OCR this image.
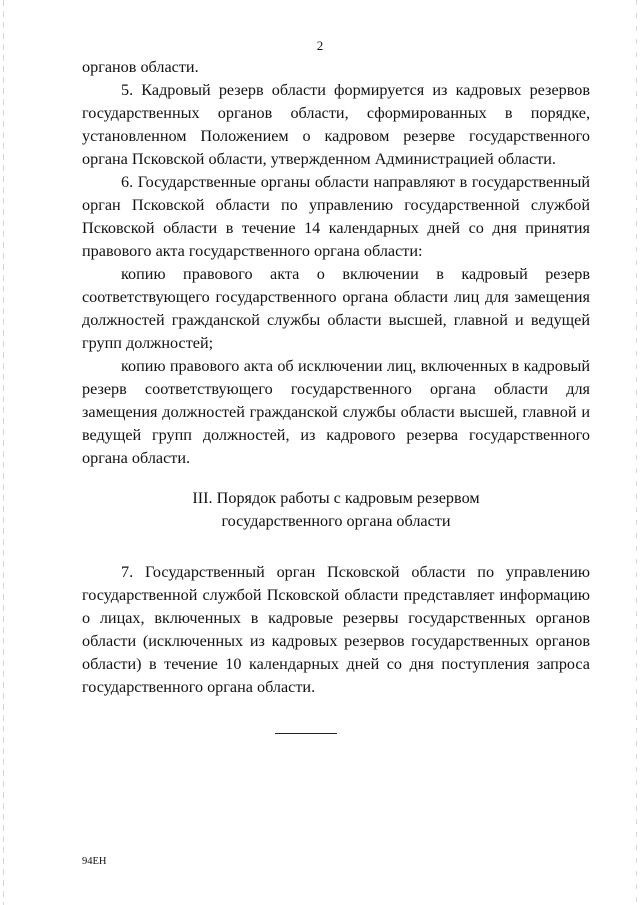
2

органов области.

5. Кадровый резерв области формируется из кадровых резервов государственных органов области, сформированных в порядке, установленном Положением о кадровом резерве государственного органа Псковской области, утвержденном Администрацией области.

6. Государственные органы области направляют в государственный орган Псковской области по управлению государственной службой Псковской области в течение 14 календарных дней со дня принятия правового акта государственного органа области:

копию правового акта о включении в кадровый резерв соответствующего государственного органа области лиц для замещения должностей гражданской службы области высшей, главной и ведущей групп должностей;

копию правового акта об исключении лиц, включенных в кадровый резерв соответствующего государственного органа области для замещения должностей гражданской службы области высшей, главной и ведущей групп должностей, из кадрового резерва государственного органа области.

III. Порядок работы с кадровым резервом
государственного органа области

7. Государственный орган Псковской области по управлению государственной службой Псковской области представляет информацию о лицах, включенных в кадровые резервы государственных органов области (исключенных из кадровых резервов государственных органов области) в течение 10 календарных дней со дня поступления запроса государственного органа области.

94ЕН
